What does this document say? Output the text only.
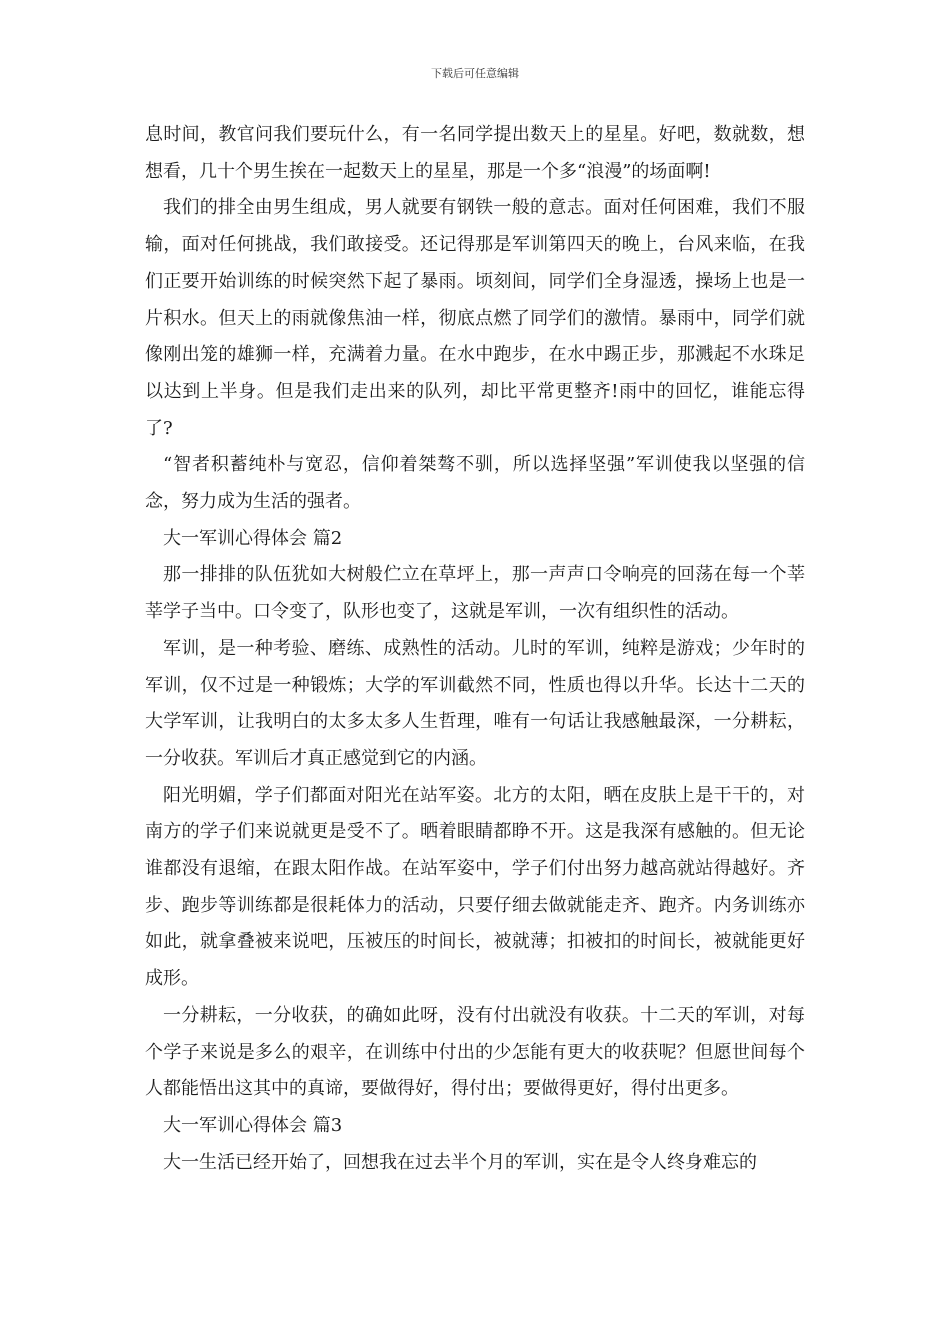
下载后可任意编辑

息时间，教官问我们要玩什么，有一名同学提出数天上的星星。好吧，数就数，想想看，几十个男生挨在一起数天上的星星，那是一个多“浪漫”的场面啊!

我们的排全由男生组成，男人就要有钢铁一般的意志。面对任何困难，我们不服输，面对任何挑战，我们敢接受。还记得那是军训第四天的晚上，台风来临，在我们正要开始训练的时候突然下起了暴雨。顷刻间，同学们全身湿透，操场上也是一片积水。但天上的雨就像焦油一样，彻底点燃了同学们的激情。暴雨中，同学们就像刚出笼的雄狮一样，充满着力量。在水中跑步，在水中踢正步，那溅起不水珠足以达到上半身。但是我们走出来的队列，却比平常更整齐!雨中的回忆，谁能忘得了?

“智者积蓄纯朴与宽忍，信仰着桀骜不驯，所以选择坚强”军训使我以坚强的信念，努力成为生活的强者。

大一军训心得体会 篇2

那一排排的队伍犹如大树般伫立在草坪上，那一声声口令响亮的回荡在每一个莘莘学子当中。口令变了，队形也变了，这就是军训，一次有组织性的活动。

军训，是一种考验、磨练、成熟性的活动。儿时的军训，纯粹是游戏；少年时的军训，仅不过是一种锻炼；大学的军训截然不同，性质也得以升华。长达十二天的大学军训，让我明白的太多太多人生哲理，唯有一句话让我感触最深，一分耕耘，一分收获。军训后才真正感觉到它的内涵。

阳光明媚，学子们都面对阳光在站军姿。北方的太阳，晒在皮肤上是干干的，对南方的学子们来说就更是受不了。晒着眼睛都睁不开。这是我深有感触的。但无论谁都没有退缩，在跟太阳作战。在站军姿中，学子们付出努力越高就站得越好。齐步、跑步等训练都是很耗体力的活动，只要仔细去做就能走齐、跑齐。内务训练亦如此，就拿叠被来说吧，压被压的时间长，被就薄；扣被扣的时间长，被就能更好成形。

一分耕耘，一分收获，的确如此呀，没有付出就没有收获。十二天的军训，对每个学子来说是多么的艰辛，在训练中付出的少怎能有更大的收获呢？但愿世间每个人都能悟出这其中的真谛，要做得好，得付出；要做得更好，得付出更多。

大一军训心得体会 篇3

大一生活已经开始了，回想我在过去半个月的军训，实在是令人终身难忘的
